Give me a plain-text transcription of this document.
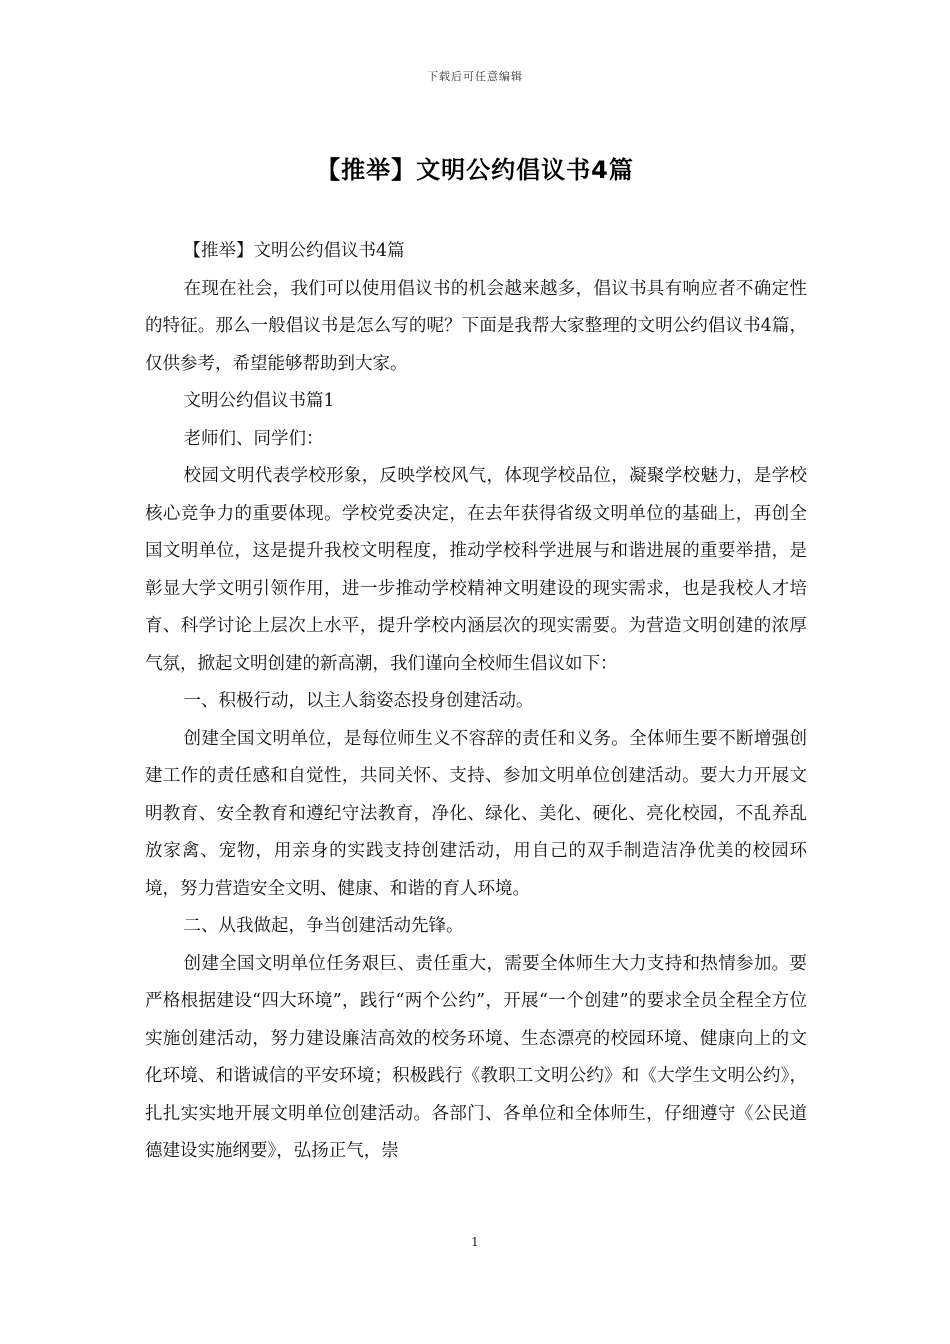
下载后可任意编辑
【推举】文明公约倡议书4篇

【推举】文明公约倡议书4篇

在现在社会，我们可以使用倡议书的机会越来越多，倡议书具有响应者不确定性的特征。那么一般倡议书是怎么写的呢？下面是我帮大家整理的文明公约倡议书4篇，仅供参考，希望能够帮助到大家。

文明公约倡议书篇1

老师们、同学们：

校园文明代表学校形象，反映学校风气，体现学校品位，凝聚学校魅力，是学校核心竞争力的重要体现。学校党委决定，在去年获得省级文明单位的基础上，再创全国文明单位，这是提升我校文明程度，推动学校科学进展与和谐进展的重要举措，是彰显大学文明引领作用，进一步推动学校精神文明建设的现实需求，也是我校人才培育、科学讨论上层次上水平，提升学校内涵层次的现实需要。为营造文明创建的浓厚气氛，掀起文明创建的新高潮，我们谨向全校师生倡议如下：

一、积极行动，以主人翁姿态投身创建活动。

创建全国文明单位，是每位师生义不容辞的责任和义务。全体师生要不断增强创建工作的责任感和自觉性，共同关怀、支持、参加文明单位创建活动。要大力开展文明教育、安全教育和遵纪守法教育，净化、绿化、美化、硬化、亮化校园，不乱养乱放家禽、宠物，用亲身的实践支持创建活动，用自己的双手制造洁净优美的校园环境，努力营造安全文明、健康、和谐的育人环境。

二、从我做起，争当创建活动先锋。

创建全国文明单位任务艰巨、责任重大，需要全体师生大力支持和热情参加。要严格根据建设“四大环境”，践行“两个公约”，开展“一个创建”的要求全员全程全方位实施创建活动，努力建设廉洁高效的校务环境、生态漂亮的校园环境、健康向上的文化环境、和谐诚信的平安环境；积极践行《教职工文明公约》和《大学生文明公约》，扎扎实实地开展文明单位创建活动。各部门、各单位和全体师生，仔细遵守《公民道德建设实施纲要》，弘扬正气，崇

1
